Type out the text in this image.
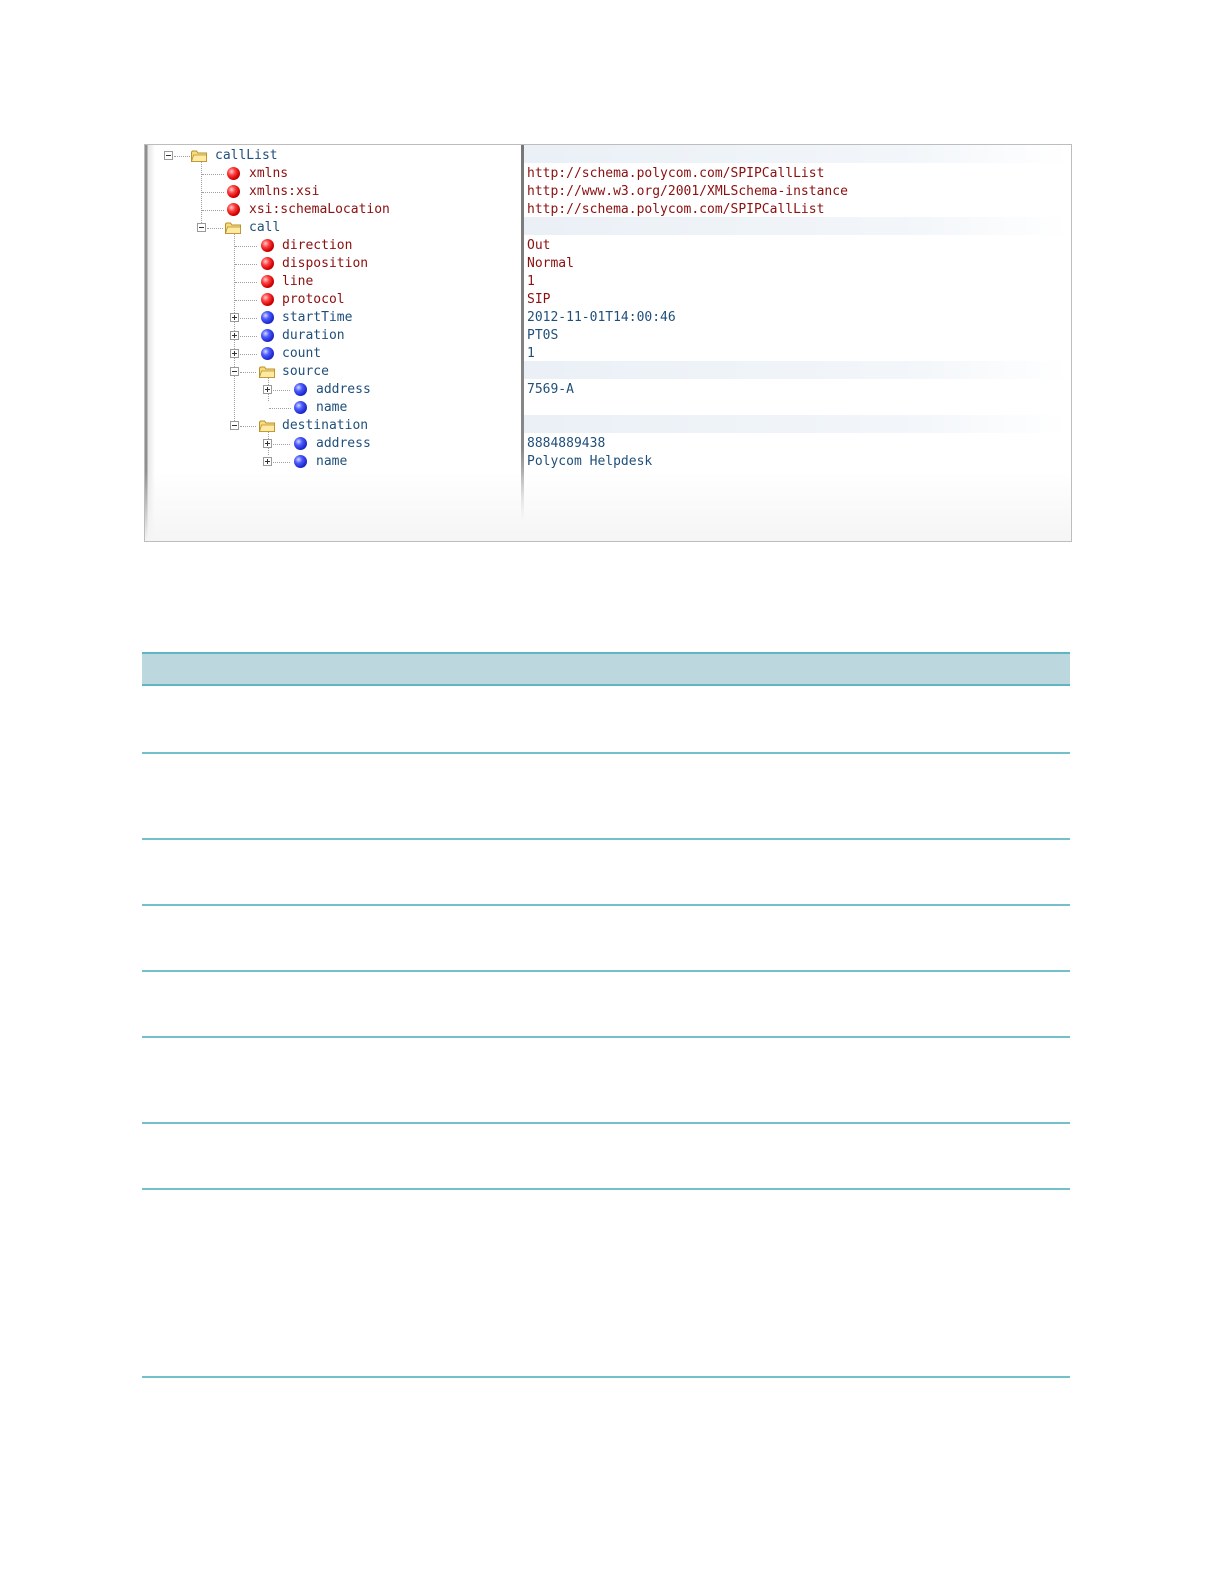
callList
xmlns	http://schema.polycom.com/SPIPCallList
xmlns:xsi	http://www.w3.org/2001/XMLSchema-instance
xsi:schemaLocation	http://schema.polycom.com/SPIPCallList
call
direction	Out
disposition	Normal
line	1
protocol	SIP
startTime	2012-11-01T14:00:46
duration	PT0S
count	1
source
address	7569-A
name
destination
address	8884889438
name	Polycom Helpdesk
